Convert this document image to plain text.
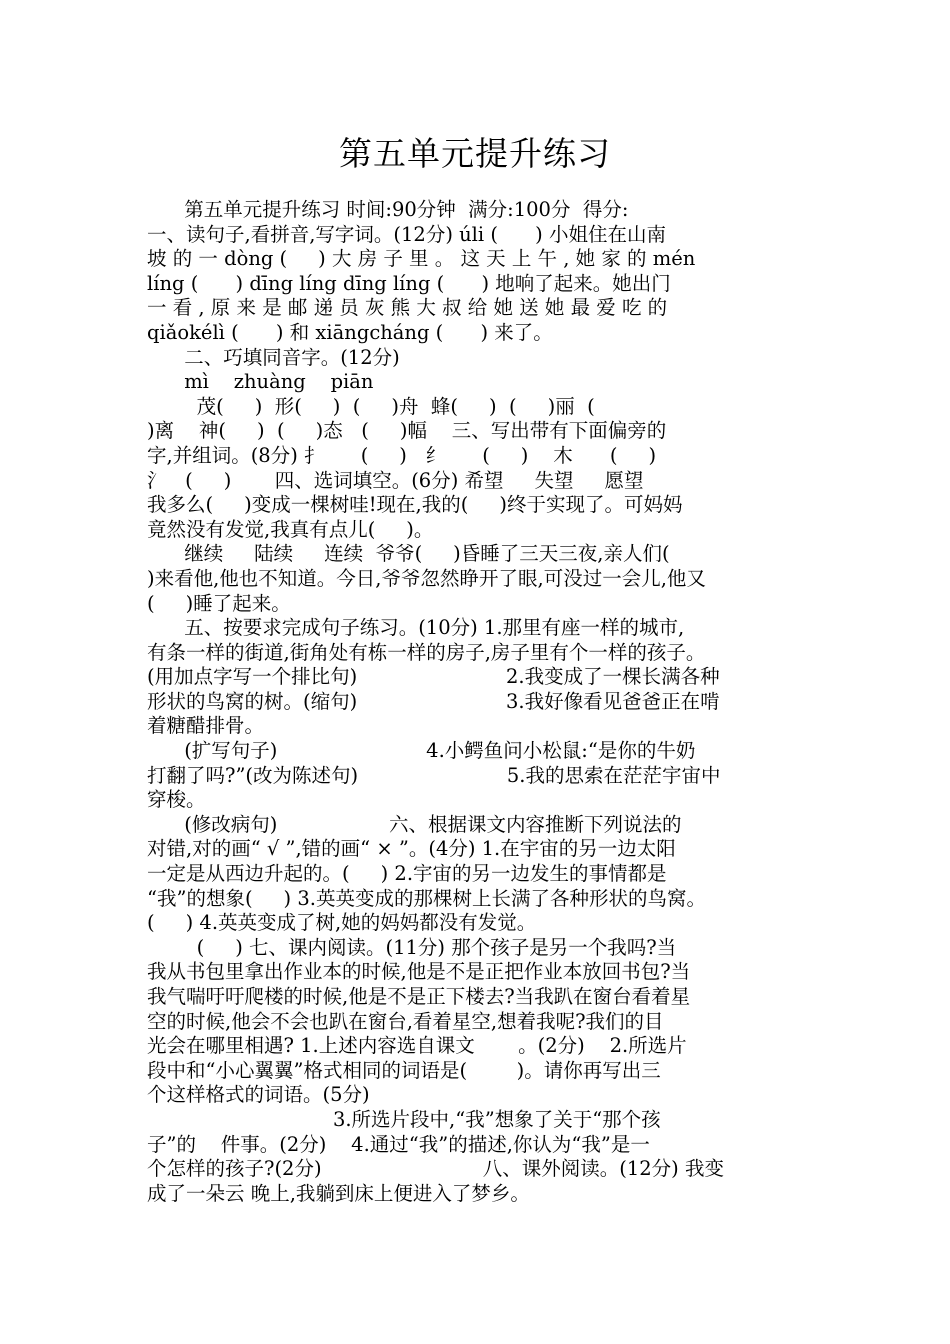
第五单元提升练习
第五单元提升练习 时间:90分钟  满分:100分  得分:
一、读句子,看拼音,写字词。(12分) úli (      ) 小姐住在山南
坡 的 一 dòng (     ) 大 房 子 里 。 这 天 上 午 , 她 家 的 mén
líng (      ) dīng líng dīng líng (      ) 地响了起来。她出门
一 看 , 原 来 是 邮 递 员 灰 熊 大 叔 给 她 送 她 最 爱 吃 的
qiǎokélì (      ) 和 xiāngcháng (      ) 来了。
二、巧填同音字。(12分)
mì    zhuàng    piān
茂(     )  形(     )  (     )舟  蜂(     )  (     )丽  (
)离    神(     )  (     )态   (     )幅    三、写出带有下面偏旁的
字,并组词。(8分) 扌      (     )   纟      (     )    木      (     )
氵   (     )       四、选词填空。(6分) 希望     失望     愿望
我多么(     )变成一棵树哇!现在,我的(     )终于实现了。可妈妈
竟然没有发觉,我真有点儿(     )。
继续     陆续     连续  爷爷(     )昏睡了三天三夜,亲人们(
)来看他,他也不知道。今日,爷爷忽然睁开了眼,可没过一会儿,他又
(     )睡了起来。
五、按要求完成句子练习。(10分) 1.那里有座一样的城市,
有条一样的街道,街角处有栋一样的房子,房子里有个一样的孩子。
(用加点字写一个排比句)                        2.我变成了一棵长满各种
形状的鸟窝的树。(缩句)                        3.我好像看见爸爸正在啃
着糖醋排骨。
(扩写句子)                        4.小鳄鱼问小松鼠:“是你的牛奶
打翻了吗?”(改为陈述句)                        5.我的思索在茫茫宇宙中
穿梭。
(修改病句)                  六、根据课文内容推断下列说法的
对错,对的画“ √ ”,错的画“ × ”。(4分) 1.在宇宙的另一边太阳
一定是从西边升起的。(     ) 2.宇宙的另一边发生的事情都是
“我”的想象(     ) 3.英英变成的那棵树上长满了各种形状的鸟窝。
(     ) 4.英英变成了树,她的妈妈都没有发觉。
(     ) 七、课内阅读。(11分) 那个孩子是另一个我吗?当
我从书包里拿出作业本的时候,他是不是正把作业本放回书包?当
我气喘吁吁爬楼的时候,他是不是正下楼去?当我趴在窗台看着星
空的时候,他会不会也趴在窗台,看着星空,想着我呢?我们的目
光会在哪里相遇? 1.上述内容选自课文       。(2分)    2.所选片
段中和“小心翼翼”格式相同的词语是(        )。请你再写出三
个这样格式的词语。(5分)
3.所选片段中,“我”想象了关于“那个孩
子”的    件事。(2分)    4.通过“我”的描述,你认为“我”是一
个怎样的孩子?(2分)                          八、课外阅读。(12分) 我变
成了一朵云 晚上,我躺到床上便进入了梦乡。
